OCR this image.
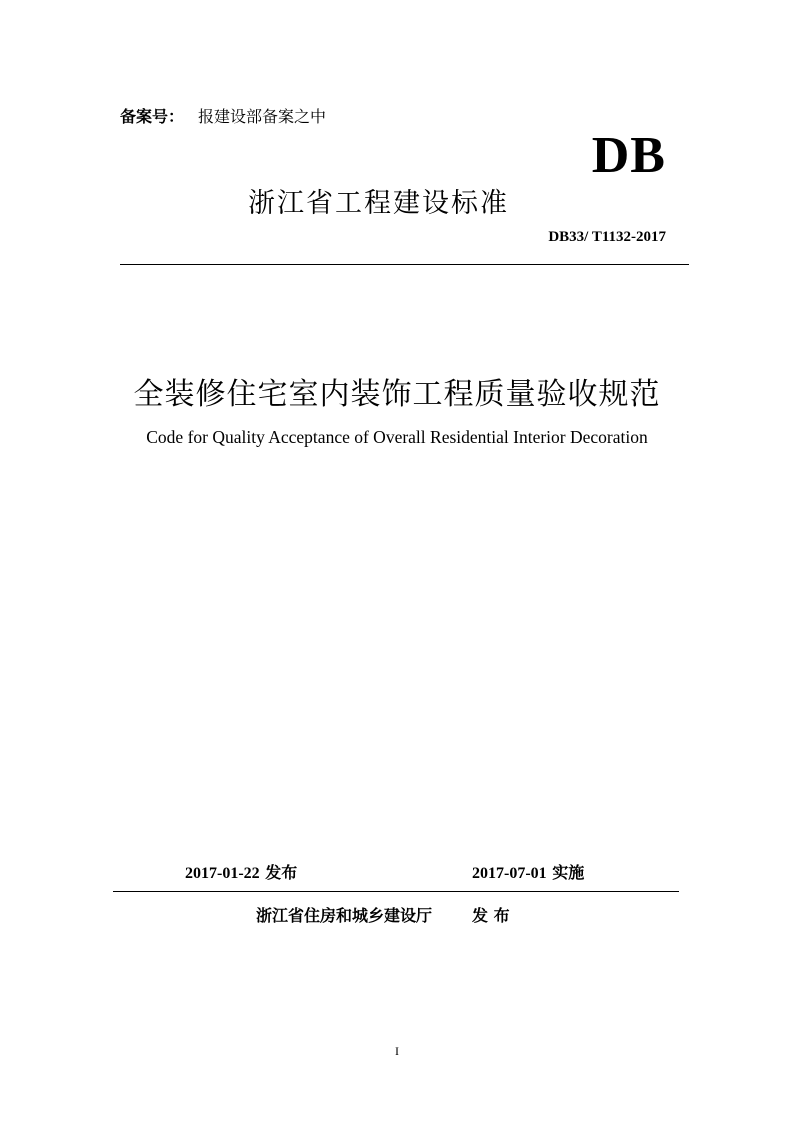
备案号： 报建设部备案之中
DB
浙江省工程建设标准
DB33/ T1132-2017
全装修住宅室内装饰工程质量验收规范
Code for Quality Acceptance of Overall Residential Interior Decoration
2017-01-22 发布	2017-07-01 实施
浙江省住房和城乡建设厅	发 布
I
